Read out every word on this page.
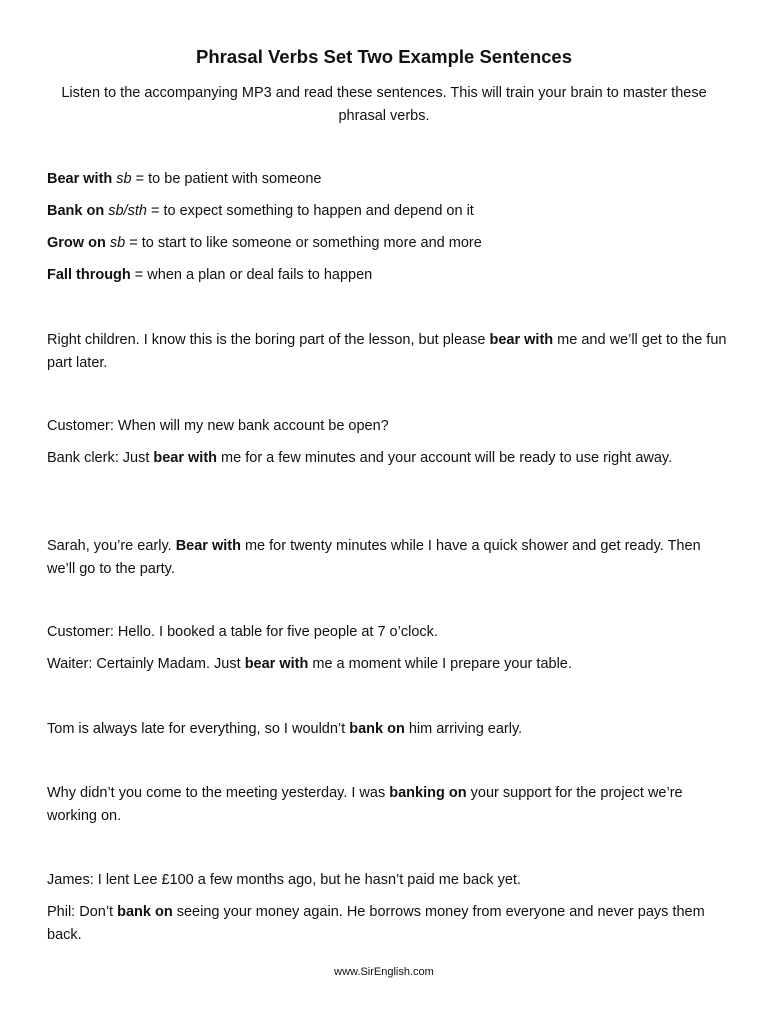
Phrasal Verbs Set Two Example Sentences
Listen to the accompanying MP3 and read these sentences. This will train your brain to master these phrasal verbs.

Bear with sb = to be patient with someone

Bank on sb/sth = to expect something to happen and depend on it

Grow on sb = to start to like someone or something more and more

Fall through = when a plan or deal fails to happen

Right children. I know this is the boring part of the lesson, but please bear with me and we’ll get to the fun part later.

Customer: When will my new bank account be open?

Bank clerk: Just bear with me for a few minutes and your account will be ready to use right away.

Sarah, you’re early. Bear with me for twenty minutes while I have a quick shower and get ready. Then we’ll go to the party.

Customer: Hello. I booked a table for five people at 7 o’clock.

Waiter: Certainly Madam. Just bear with me a moment while I prepare your table.

Tom is always late for everything, so I wouldn’t bank on him arriving early.

Why didn’t you come to the meeting yesterday. I was banking on your support for the project we’re working on.

James: I lent Lee £100 a few months ago, but he hasn’t paid me back yet.

Phil: Don’t bank on seeing your money again. He borrows money from everyone and never pays them back.

www.SirEnglish.com
